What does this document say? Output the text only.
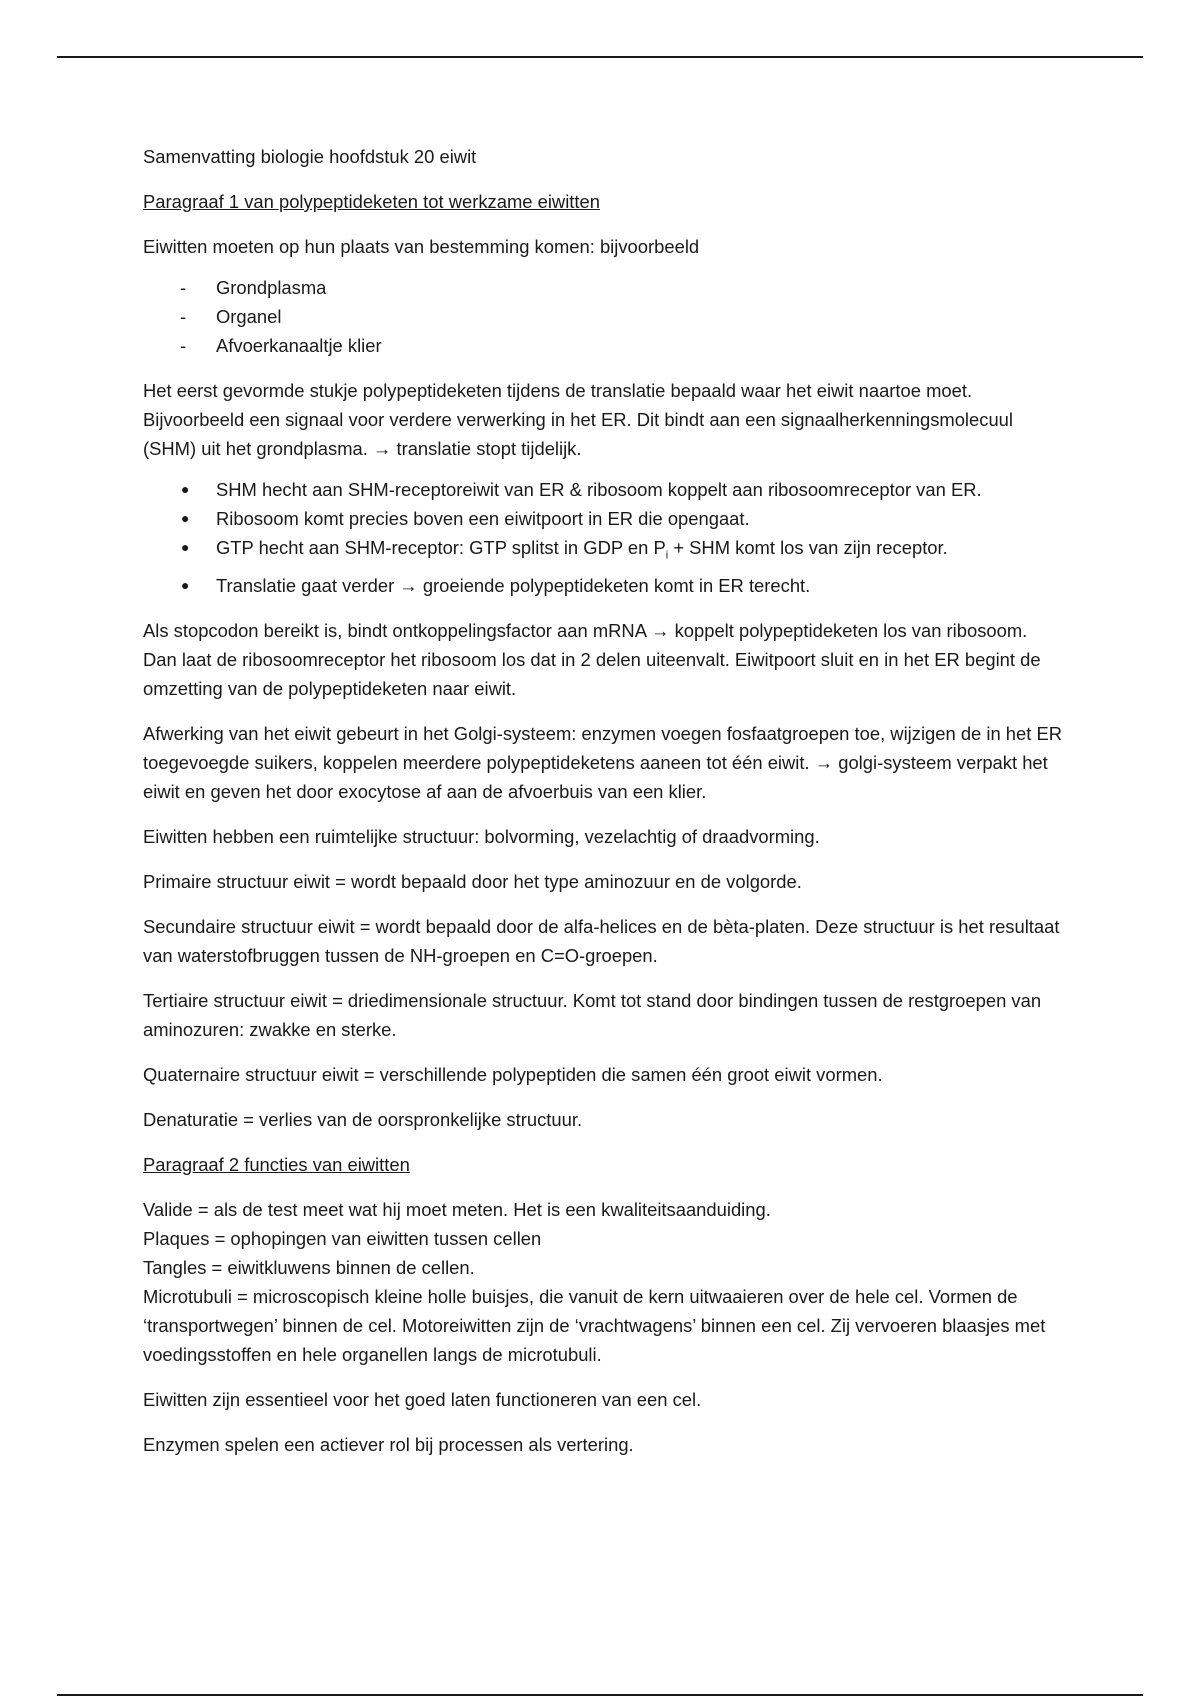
Samenvatting biologie hoofdstuk 20 eiwit

Paragraaf 1 van polypeptideketen tot werkzame eiwitten

Eiwitten moeten op hun plaats van bestemming komen: bijvoorbeeld

- Grondplasma
- Organel
- Afvoerkanaaltje klier

Het eerst gevormde stukje polypeptideketen tijdens de translatie bepaald waar het eiwit naartoe moet. Bijvoorbeeld een signaal voor verdere verwerking in het ER. Dit bindt aan een signaalherkenningsmolecuul (SHM) uit het grondplasma. → translatie stopt tijdelijk.

● SHM hecht aan SHM-receptoreiwit van ER & ribosoom koppelt aan ribosoomreceptor van ER.
● Ribosoom komt precies boven een eiwitpoort in ER die opengaat.
● GTP hecht aan SHM-receptor: GTP splitst in GDP en $P_i$ + SHM komt los van zijn receptor.
● Translatie gaat verder → groeiende polypeptideketen komt in ER terecht.

Als stopcodon bereikt is, bindt ontkoppelingsfactor aan mRNA → koppelt polypeptideketen los van ribosoom. Dan laat de ribosoomreceptor het ribosoom los dat in 2 delen uiteenvalt. Eiwitpoort sluit en in het ER begint de omzetting van de polypeptideketen naar eiwit.

Afwerking van het eiwit gebeurt in het Golgi-systeem: enzymen voegen fosfaatgroepen toe, wijzigen de in het ER toegevoegde suikers, koppelen meerdere polypeptideketens aaneen tot één eiwit. → golgi-systeem verpakt het eiwit en geven het door exocytose af aan de afvoerbuis van een klier.

Eiwitten hebben een ruimtelijke structuur: bolvorming, vezelachtig of draadvorming.

Primaire structuur eiwit = wordt bepaald door het type aminozuur en de volgorde.

Secundaire structuur eiwit = wordt bepaald door de alfa-helices en de bèta-platen. Deze structuur is het resultaat van waterstofbruggen tussen de NH-groepen en C=O-groepen.

Tertiaire structuur eiwit = driedimensionale structuur. Komt tot stand door bindingen tussen de restgroepen van aminozuren: zwakke en sterke.

Quaternaire structuur eiwit = verschillende polypeptiden die samen één groot eiwit vormen.

Denaturatie = verlies van de oorspronkelijke structuur.

Paragraaf 2 functies van eiwitten

Valide = als de test meet wat hij moet meten. Het is een kwaliteitsaanduiding.

Plaques = ophopingen van eiwitten tussen cellen

Tangles = eiwitkluwens binnen de cellen.

Microtubuli = microscopisch kleine holle buisjes, die vanuit de kern uitwaaieren over de hele cel. Vormen de ‘transportwegen’ binnen de cel. Motoreiwitten zijn de ‘vrachtwagens’ binnen een cel. Zij vervoeren blaasjes met voedingsstoffen en hele organellen langs de microtubuli.

Eiwitten zijn essentieel voor het goed laten functioneren van een cel.

Enzymen spelen een actiever rol bij processen als vertering.
